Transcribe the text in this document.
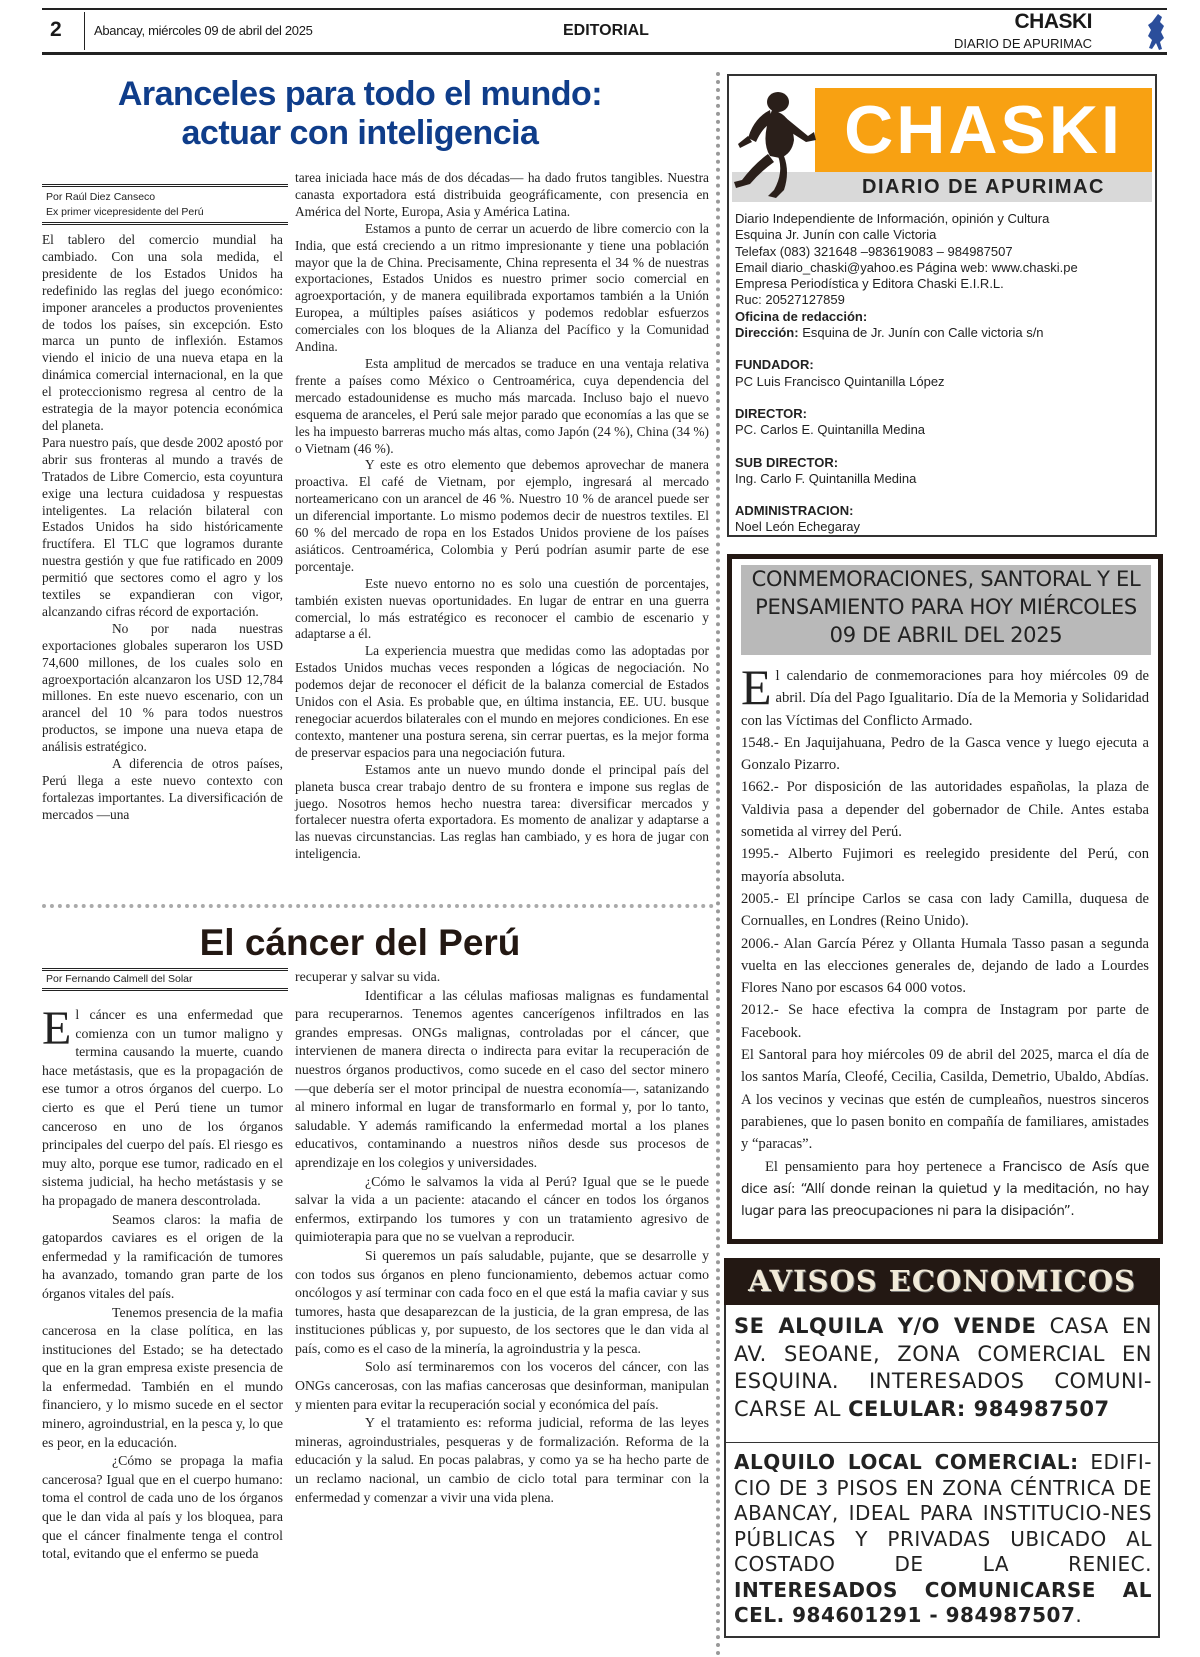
2 Abancay, miércoles 09 de abril del 2025	EDITORIAL	CHASKI
DIARIO DE APURIMAC
Aranceles para todo el mundo:
actuar con inteligencia
Por Raúl Diez Canseco
Ex primer vicepresidente del Perú

El tablero del comercio mundial ha cambiado. Con una sola medida, el presidente de los Estados Unidos ha redefinido las reglas del juego económico: imponer aranceles a productos provenientes de todos los países, sin excepción. Esto marca un punto de inflexión. Estamos viendo el inicio de una nueva etapa en la dinámica comercial internacional, en la que el proteccionismo regresa al centro de la estrategia de la mayor potencia económica del planeta.

Para nuestro país, que desde 2002 apostó por abrir sus fronteras al mundo a través de Tratados de Libre Comercio, esta coyuntura exige una lectura cuidadosa y respuestas inteligentes. La relación bilateral con Estados Unidos ha sido históricamente fructífera. El TLC que logramos durante nuestra gestión y que fue ratificado en 2009 permitió que sectores como el agro y los textiles se expandieran con vigor, alcanzando cifras récord de exportación.

No por nada nuestras exportaciones globales superaron los USD 74,600 millones, de los cuales solo en agroexportación alcanzaron los USD 12,784 millones. En este nuevo escenario, con un arancel del 10 % para todos nuestros productos, se impone una nueva etapa de análisis estratégico.

A diferencia de otros países, Perú llega a este nuevo contexto con fortalezas importantes. La diversificación de mercados —una

tarea iniciada hace más de dos décadas— ha dado frutos tangibles. Nuestra canasta exportadora está distribuida geográficamente, con presencia en América del Norte, Europa, Asia y América Latina.

Estamos a punto de cerrar un acuerdo de libre comercio con la India, que está creciendo a un ritmo impresionante y tiene una población mayor que la de China. Precisamente, China representa el 34 % de nuestras exportaciones, Estados Unidos es nuestro primer socio comercial en agroexportación, y de manera equilibrada exportamos también a la Unión Europea, a múltiples países asiáticos y podemos redoblar esfuerzos comerciales con los bloques de la Alianza del Pacífico y la Comunidad Andina.

Esta amplitud de mercados se traduce en una ventaja relativa frente a países como México o Centroamérica, cuya dependencia del mercado estadounidense es mucho más marcada. Incluso bajo el nuevo esquema de aranceles, el Perú sale mejor parado que economías a las que se les ha impuesto barreras mucho más altas, como Japón (24 %), China (34 %) o Vietnam (46 %).

Y este es otro elemento que debemos aprovechar de manera proactiva. El café de Vietnam, por ejemplo, ingresará al mercado norteamericano con un arancel de 46 %. Nuestro 10 % de arancel puede ser un diferencial importante. Lo mismo podemos decir de nuestros textiles. El 60 % del mercado de ropa en los Estados Unidos proviene de los países asiáticos. Centroamérica, Colombia y Perú podrían asumir parte de ese porcentaje.

Este nuevo entorno no es solo una cuestión de porcentajes, también existen nuevas oportunidades. En lugar de entrar en una guerra comercial, lo más estratégico es reconocer el cambio de escenario y adaptarse a él.

La experiencia muestra que medidas como las adoptadas por Estados Unidos muchas veces responden a lógicas de negociación. No podemos dejar de reconocer el déficit de la balanza comercial de Estados Unidos con el Asia. Es probable que, en última instancia, EE. UU. busque renegociar acuerdos bilaterales con el mundo en mejores condiciones. En ese contexto, mantener una postura serena, sin cerrar puertas, es la mejor forma de preservar espacios para una negociación futura.

Estamos ante un nuevo mundo donde el principal país del planeta busca crear trabajo dentro de su frontera e impone sus reglas de juego. Nosotros hemos hecho nuestra tarea: diversificar mercados y fortalecer nuestra oferta exportadora. Es momento de analizar y adaptarse a las nuevas circunstancias. Las reglas han cambiado, y es hora de jugar con inteligencia.

El cáncer del Perú
Por Fernando Calmell del Solar

El cáncer es una enfermedad que comienza con un tumor maligno y termina causando la muerte, cuando hace metástasis, que es la propagación de ese tumor a otros órganos del cuerpo. Lo cierto es que el Perú tiene un tumor canceroso en uno de los órganos principales del cuerpo del país. El riesgo es muy alto, porque ese tumor, radicado en el sistema judicial, ha hecho metástasis y se ha propagado de manera descontrolada.

Seamos claros: la mafia de gatopardos caviares es el origen de la enfermedad y la ramificación de tumores ha avanzado, tomando gran parte de los órganos vitales del país.

Tenemos presencia de la mafia cancerosa en la clase política, en las instituciones del Estado; se ha detectado que en la gran empresa existe presencia de la enfermedad. También en el mundo financiero, y lo mismo sucede en el sector minero, agroindustrial, en la pesca y, lo que es peor, en la educación.

¿Cómo se propaga la mafia cancerosa? Igual que en el cuerpo humano: toma el control de cada uno de los órganos que le dan vida al país y los bloquea, para que el cáncer finalmente tenga el control total, evitando que el enfermo se pueda

recuperar y salvar su vida.

Identificar a las células mafiosas malignas es fundamental para recuperarnos. Tenemos agentes cancerígenos infiltrados en las grandes empresas. ONGs malignas, controladas por el cáncer, que intervienen de manera directa o indirecta para evitar la recuperación de nuestros órganos productivos, como sucede en el caso del sector minero —que debería ser el motor principal de nuestra economía—, satanizando al minero informal en lugar de transformarlo en formal y, por lo tanto, saludable. Y además ramificando la enfermedad mortal a los planes educativos, contaminando a nuestros niños desde sus procesos de aprendizaje en los colegios y universidades.

¿Cómo le salvamos la vida al Perú? Igual que se le puede salvar la vida a un paciente: atacando el cáncer en todos los órganos enfermos, extirpando los tumores y con un tratamiento agresivo de quimioterapia para que no se vuelvan a reproducir.

Si queremos un país saludable, pujante, que se desarrolle y con todos sus órganos en pleno funcionamiento, debemos actuar como oncólogos y así terminar con cada foco en el que está la mafia caviar y sus tumores, hasta que desaparezcan de la justicia, de la gran empresa, de las instituciones públicas y, por supuesto, de los sectores que le dan vida al país, como es el caso de la minería, la agroindustria y la pesca.

Solo así terminaremos con los voceros del cáncer, con las ONGs cancerosas, con las mafias cancerosas que desinforman, manipulan y mienten para evitar la recuperación social y económica del país.

Y el tratamiento es: reforma judicial, reforma de las leyes mineras, agroindustriales, pesqueras y de formalización. Reforma de la educación y la salud. En pocas palabras, y como ya se ha hecho parte de un reclamo nacional, un cambio de ciclo total para terminar con la enfermedad y comenzar a vivir una vida plena.

CHASKI
DIARIO DE APURIMAC
Diario Independiente de Información, opinión y Cultura
Esquina Jr. Junín con calle Victoria
Telefax (083) 321648 –983619083 – 984987507
Email diario_chaski@yahoo.es Página web: www.chaski.pe
Empresa Periodística y Editora Chaski E.I.R.L.
Ruc: 20527127859
Oficina de redacción:
Dirección: Esquina de Jr. Junín con Calle victoria s/n
FUNDADOR:
PC Luis Francisco Quintanilla López
DIRECTOR:
PC. Carlos E. Quintanilla Medina
SUB DIRECTOR:
Ing. Carlo F. Quintanilla Medina
ADMINISTRACION:
Noel León Echegaray
CONMEMORACIONES, SANTORAL Y EL
PENSAMIENTO PARA HOY MIÉRCOLES
09 DE ABRIL DEL 2025

El calendario de conmemoraciones para hoy miércoles 09 de abril. Día del Pago Igualitario. Día de la Memoria y Solidaridad con las Víctimas del Conflicto Armado.

1548.- En Jaquijahuana, Pedro de la Gasca vence y luego ejecuta a Gonzalo Pizarro.

1662.- Por disposición de las autoridades españolas, la plaza de Valdivia pasa a depender del gobernador de Chile. Antes estaba sometida al virrey del Perú.

1995.- Alberto Fujimori es reelegido presidente del Perú, con mayoría absoluta.

2005.- El príncipe Carlos se casa con lady Camilla, duquesa de Cornualles, en Londres (Reino Unido).

2006.- Alan García Pérez y Ollanta Humala Tasso pasan a segunda vuelta en las elecciones generales de, dejando de lado a Lourdes Flores Nano por escasos 64 000 votos.

2012.- Se hace efectiva la compra de Instagram por parte de Facebook.

El Santoral para hoy miércoles 09 de abril del 2025, marca el día de los santos María, Cleofé, Cecilia, Casilda, Demetrio, Ubaldo, Abdías. A los vecinos y vecinas que estén de cumpleaños, nuestros sinceros parabienes, que lo pasen bonito en compañía de familiares, amistades y “paracas”.

El pensamiento para hoy pertenece a Francisco de Asís que dice así: “Allí donde reinan la quietud y la meditación, no hay lugar para las preocupaciones ni para la disipación”.

AVISOS ECONOMICOS
SE ALQUILA Y/O VENDE CASA EN AV. SEOANE, ZONA COMERCIAL EN ESQUINA. INTERESADOS COMUNI-CARSE AL CELULAR: 984987507
ALQUILO LOCAL COMERCIAL: EDIFI-CIO DE 3 PISOS EN ZONA CÉNTRICA DE ABANCAY, IDEAL PARA INSTITUCIO-NES PÚBLICAS Y PRIVADAS UBICADO AL COSTADO DE LA RENIEC. INTERESADOS COMUNICARSE AL CEL. 984601291 - 984987507.
